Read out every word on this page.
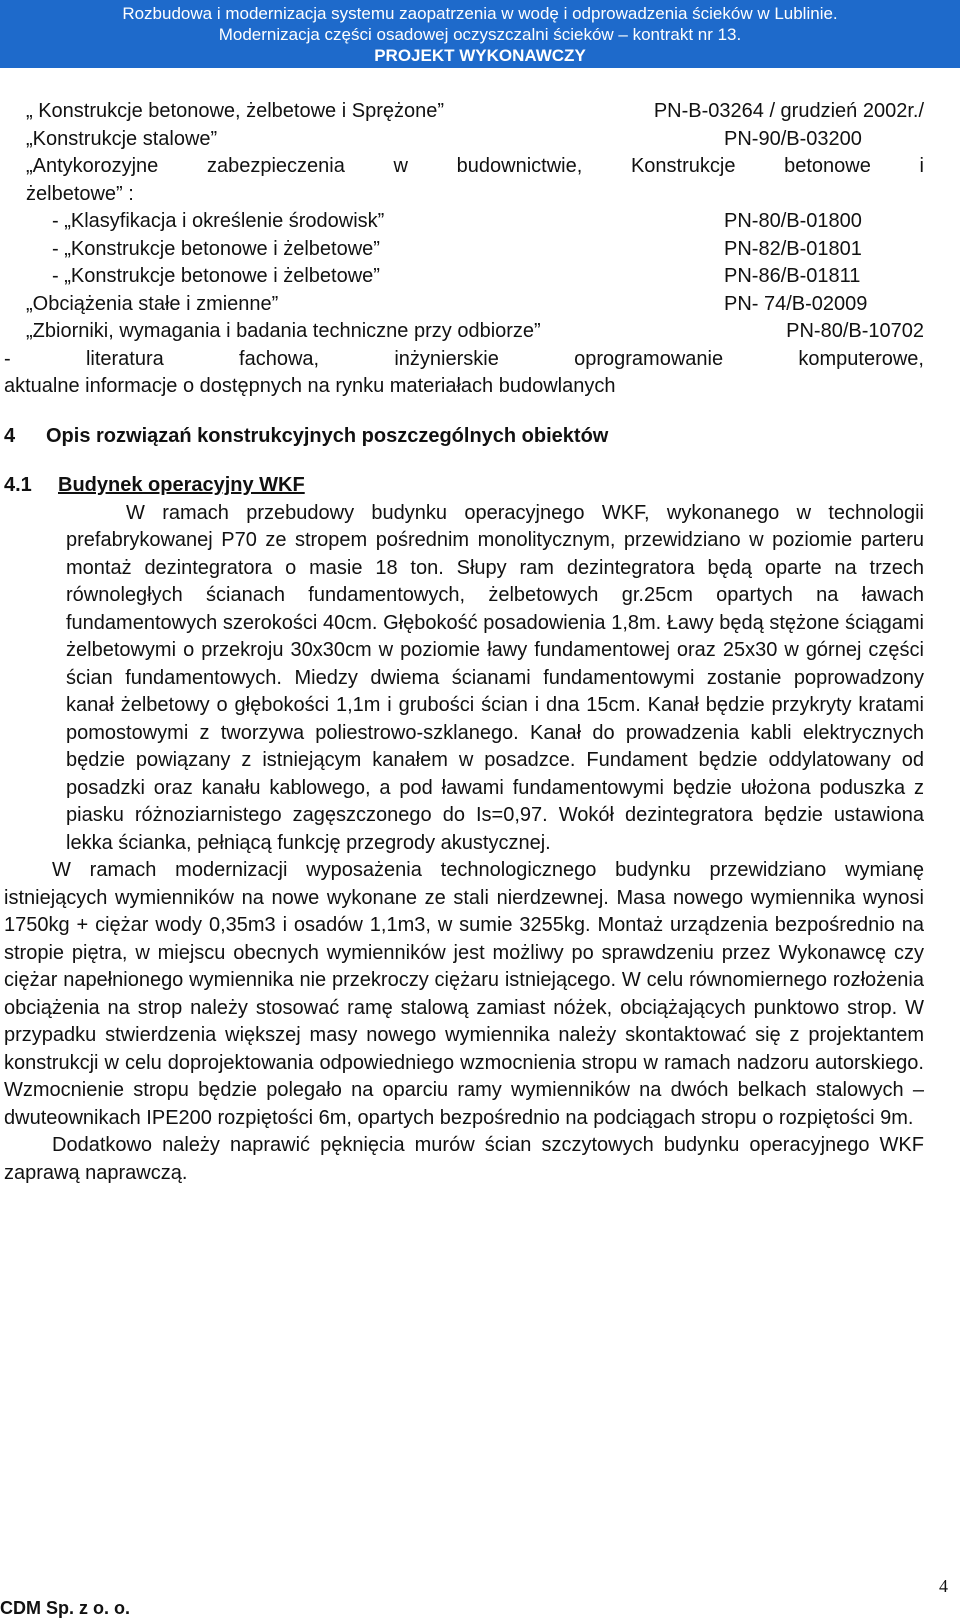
Rozbudowa i modernizacja systemu zaopatrzenia w wodę i odprowadzenia ścieków w Lublinie.
Modernizacja części osadowej oczyszczalni ścieków – kontrakt nr 13.
PROJEKT WYKONAWCZY
„ Konstrukcje betonowe, żelbetowe i Sprężone”	PN-B-03264 / grudzień 2002r./
„Konstrukcje stalowe”	PN-90/B-03200
„Antykorozyjne zabezpieczenia w budownictwie, Konstrukcje betonowe i
żelbetowe” :
- „Klasyfikacja i określenie środowisk”	PN-80/B-01800
- „Konstrukcje betonowe i żelbetowe”	PN-82/B-01801
- „Konstrukcje betonowe i żelbetowe”	PN-86/B-01811
„Obciążenia stałe i zmienne”	PN- 74/B-02009
„Zbiorniki, wymagania i badania techniczne przy odbiorze”	PN-80/B-10702
- literatura fachowa, inżynierskie oprogramowanie komputerowe,
aktualne informacje o dostępnych na rynku materiałach budowlanych
4	Opis rozwiązań konstrukcyjnych poszczególnych obiektów
4.1	Budynek operacyjny WKF

W ramach przebudowy budynku operacyjnego WKF, wykonanego w technologii prefabrykowanej P70 ze stropem pośrednim monolitycznym, przewidziano w poziomie parteru montaż dezintegratora o masie 18 ton. Słupy ram dezintegratora będą oparte na trzech równoległych ścianach fundamentowych, żelbetowych gr.25cm opartych na ławach fundamentowych szerokości 40cm. Głębokość posadowienia 1,8m. Ławy będą stężone ściągami żelbetowymi o przekroju 30x30cm w poziomie ławy fundamentowej oraz 25x30 w górnej części ścian fundamentowych. Miedzy dwiema ścianami fundamentowymi zostanie poprowadzony kanał żelbetowy o głębokości 1,1m i grubości ścian i dna 15cm. Kanał będzie przykryty kratami pomostowymi z tworzywa poliestrowo-szklanego. Kanał do prowadzenia kabli elektrycznych będzie powiązany z istniejącym kanałem w posadzce. Fundament będzie oddylatowany od posadzki oraz kanału kablowego, a pod ławami fundamentowymi będzie ułożona poduszka z piasku różnoziarnistego zagęszczonego do Is=0,97. Wokół dezintegratora będzie ustawiona lekka ścianka, pełniącą funkcję przegrody akustycznej.

W ramach modernizacji wyposażenia technologicznego budynku przewidziano wymianę istniejących wymienników na nowe wykonane ze stali nierdzewnej. Masa nowego wymiennika wynosi 1750kg + ciężar wody 0,35m3 i osadów 1,1m3, w sumie 3255kg. Montaż urządzenia bezpośrednio na stropie piętra, w miejscu obecnych wymienników jest możliwy po sprawdzeniu przez Wykonawcę czy ciężar napełnionego wymiennika nie przekroczy ciężaru istniejącego. W celu równomiernego rozłożenia obciążenia na strop należy stosować ramę stalową zamiast nóżek, obciążających punktowo strop. W przypadku stwierdzenia większej masy nowego wymiennika należy skontaktować się z projektantem konstrukcji w celu doprojektowania odpowiedniego wzmocnienia stropu w ramach nadzoru autorskiego. Wzmocnienie stropu będzie polegało na oparciu ramy wymienników na dwóch belkach stalowych – dwuteownikach IPE200 rozpiętości 6m, opartych bezpośrednio na podciągach stropu o rozpiętości 9m.

Dodatkowo należy naprawić pęknięcia murów ścian szczytowych budynku operacyjnego WKF zaprawą naprawczą.

4
CDM Sp. z o. o.
